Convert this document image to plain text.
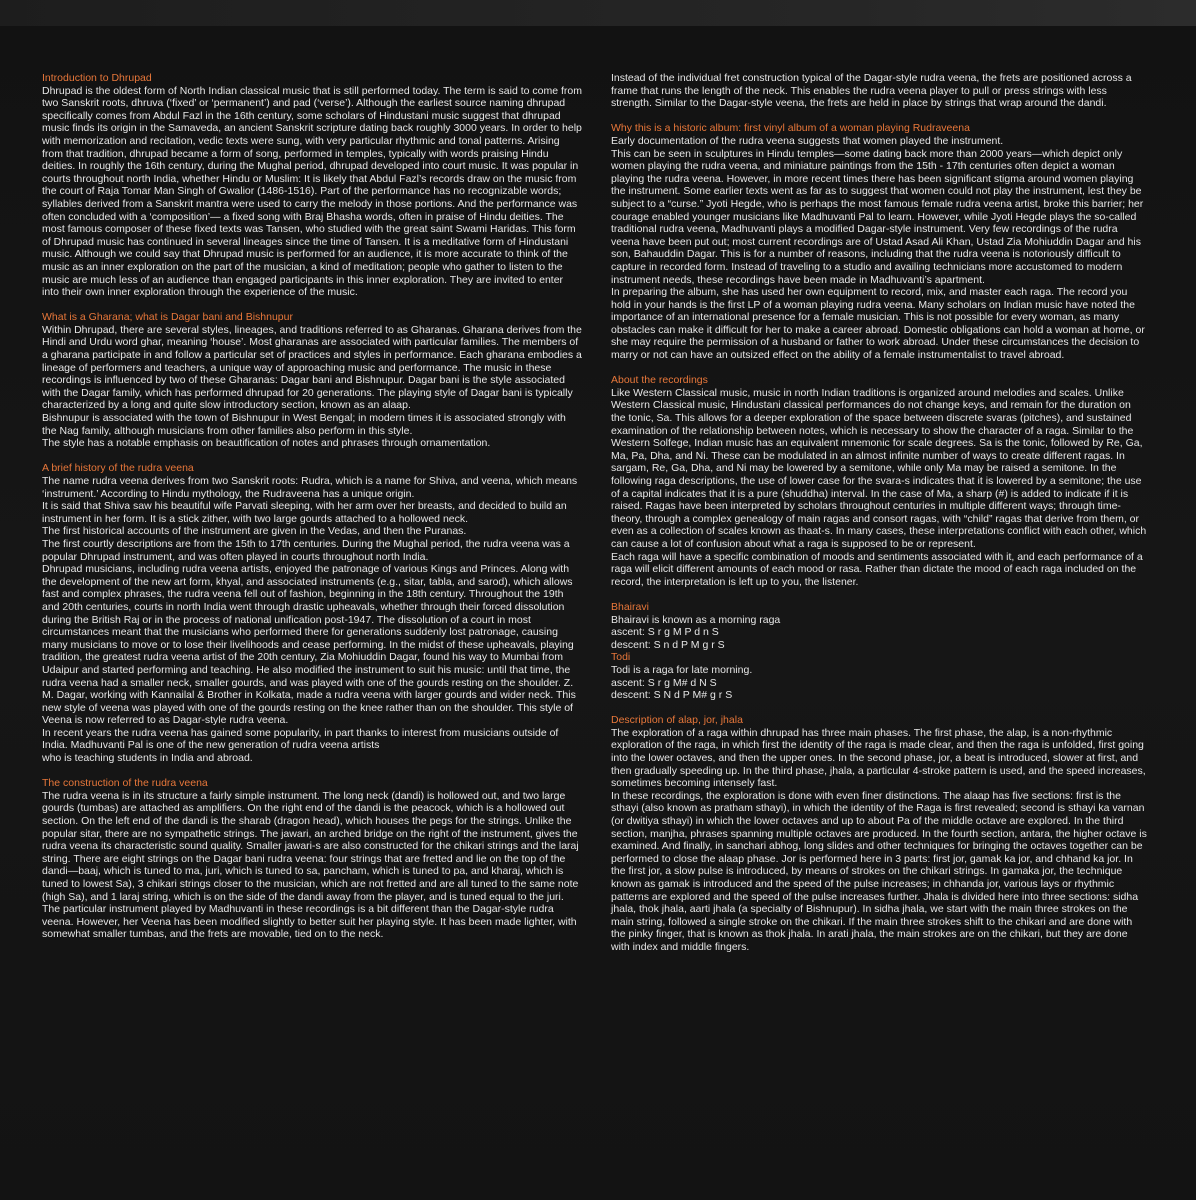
Introduction to Dhrupad

Dhrupad is the oldest form of North Indian classical music that is still performed today. The term is said to come from two Sanskrit roots, dhruva (‘fixed’ or ‘permanent’) and pad (‘verse’). Although the earliest source naming dhrupad specifically comes from Abdul Fazl in the 16th century, some scholars of Hindustani music suggest that dhrupad music finds its origin in the Samaveda, an ancient Sanskrit scripture dating back roughly 3000 years. In order to help with memorization and recitation, vedic texts were sung, with very particular rhythmic and tonal patterns. Arising from that tradition, dhrupad became a form of song, performed in temples, typically with words praising Hindu deities. In roughly the 16th century, during the Mughal period, dhrupad developed into court music. It was popular in courts throughout north India, whether Hindu or Muslim: It is likely that Abdul Fazl’s records draw on the music from the court of Raja Tomar Man Singh of Gwalior (1486-1516). Part of the performance has no recognizable words; syllables derived from a Sanskrit mantra were used to carry the melody in those portions. And the performance was often concluded with a ‘composition’— a fixed song with Braj Bhasha words, often in praise of Hindu deities. The most famous composer of these fixed texts was Tansen, who studied with the great saint Swami Haridas. This form of Dhrupad music has continued in several lineages since the time of Tansen. It is a meditative form of Hindustani music. Although we could say that Dhrupad music is performed for an audience, it is more accurate to think of the music as an inner exploration on the part of the musician, a kind of meditation; people who gather to listen to the music are much less of an audience than engaged participants in this inner exploration. They are invited to enter into their own inner exploration through the experience of the music.

What is a Gharana; what is Dagar bani and Bishnupur

Within Dhrupad, there are several styles, lineages, and traditions referred to as Gharanas. Gharana derives from the Hindi and Urdu word ghar, meaning ‘house’. Most gharanas are associated with particular families. The members of a gharana participate in and follow a particular set of practices and styles in performance. Each gharana embodies a lineage of performers and teachers, a unique way of approaching music and performance. The music in these recordings is influenced by two of these Gharanas: Dagar bani and Bishnupur. Dagar bani is the style associated with the Dagar family, which has performed dhrupad for 20 generations. The playing style of Dagar bani is typically characterized by a long and quite slow introductory section, known as an alaap.

Bishnupur is associated with the town of Bishnupur in West Bengal; in modern times it is associated strongly with the Nag family, although musicians from other families also perform in this style.

The style has a notable emphasis on beautification of notes and phrases through ornamentation.

A brief history of the rudra veena

The name rudra veena derives from two Sanskrit roots: Rudra, which is a name for Shiva, and veena, which means ‘instrument.’ According to Hindu mythology, the Rudraveena has a unique origin.

It is said that Shiva saw his beautiful wife Parvati sleeping, with her arm over her breasts, and decided to build an instrument in her form. It is a stick zither, with two large gourds attached to a hollowed neck.

The first historical accounts of the instrument are given in the Vedas, and then the Puranas.

The first courtly descriptions are from the 15th to 17th centuries. During the Mughal period, the rudra veena was a popular Dhrupad instrument, and was often played in courts throughout north India.

Dhrupad musicians, including rudra veena artists, enjoyed the patronage of various Kings and Princes. Along with the development of the new art form, khyal, and associated instruments (e.g., sitar, tabla, and sarod), which allows fast and complex phrases, the rudra veena fell out of fashion, beginning in the 18th century. Throughout the 19th and 20th centuries, courts in north India went through drastic upheavals, whether through their forced dissolution during the British Raj or in the process of national unification post-1947. The dissolution of a court in most circumstances meant that the musicians who performed there for generations suddenly lost patronage, causing many musicians to move or to lose their livelihoods and cease performing. In the midst of these upheavals, playing tradition, the greatest rudra veena artist of the 20th century, Zia Mohiuddin Dagar, found his way to Mumbai from Udaipur and started performing and teaching. He also modified the instrument to suit his music: until that time, the rudra veena had a smaller neck, smaller gourds, and was played with one of the gourds resting on the shoulder. Z. M. Dagar, working with Kannailal & Brother in Kolkata, made a rudra veena with larger gourds and wider neck. This new style of veena was played with one of the gourds resting on the knee rather than on the shoulder. This style of Veena is now referred to as Dagar-style rudra veena.

In recent years the rudra veena has gained some popularity, in part thanks to interest from musicians outside of India. Madhuvanti Pal is one of the new generation of rudra veena artists

who is teaching students in India and abroad.

The construction of the rudra veena

The rudra veena is in its structure a fairly simple instrument. The long neck (dandi) is hollowed out, and two large gourds (tumbas) are attached as amplifiers. On the right end of the dandi is the peacock, which is a hollowed out section. On the left end of the dandi is the sharab (dragon head), which houses the pegs for the strings. Unlike the popular sitar, there are no sympathetic strings. The jawari, an arched bridge on the right of the instrument, gives the rudra veena its characteristic sound quality. Smaller jawari-s are also constructed for the chikari strings and the laraj string. There are eight strings on the Dagar bani rudra veena: four strings that are fretted and lie on the top of the dandi—baaj, which is tuned to ma, juri, which is tuned to sa, pancham, which is tuned to pa, and kharaj, which is tuned to lowest Sa), 3 chikari strings closer to the musician, which are not fretted and are all tuned to the same note (high Sa), and 1 laraj string, which is on the side of the dandi away from the player, and is tuned equal to the juri. The particular instrument played by Madhuvanti in these recordings is a bit different than the Dagar-style rudra veena. However, her Veena has been modified slightly to better suit her playing style. It has been made lighter, with somewhat smaller tumbas, and the frets are movable, tied on to the neck.

Instead of the individual fret construction typical of the Dagar-style rudra veena, the frets are positioned across a frame that runs the length of the neck. This enables the rudra veena player to pull or press strings with less strength. Similar to the Dagar-style veena, the frets are held in place by strings that wrap around the dandi.

Why this is a historic album: first vinyl album of a woman playing Rudraveena

Early documentation of the rudra veena suggests that women played the instrument.

This can be seen in sculptures in Hindu temples—some dating back more than 2000 years—which depict only women playing the rudra veena, and miniature paintings from the 15th - 17th centuries often depict a woman playing the rudra veena. However, in more recent times there has been significant stigma around women playing the instrument. Some earlier texts went as far as to suggest that women could not play the instrument, lest they be subject to a “curse.” Jyoti Hegde, who is perhaps the most famous female rudra veena artist, broke this barrier; her courage enabled younger musicians like Madhuvanti Pal to learn. However, while Jyoti Hegde plays the so-called traditional rudra veena, Madhuvanti plays a modified Dagar-style instrument. Very few recordings of the rudra veena have been put out; most current recordings are of Ustad Asad Ali Khan, Ustad Zia Mohiuddin Dagar and his son, Bahauddin Dagar. This is for a number of reasons, including that the rudra veena is notoriously difficult to capture in recorded form. Instead of traveling to a studio and availing technicians more accustomed to modern instrument needs, these recordings have been made in Madhuvanti’s apartment.

In preparing the album, she has used her own equipment to record, mix, and master each raga. The record you hold in your hands is the first LP of a woman playing rudra veena. Many scholars on Indian music have noted the importance of an international presence for a female musician. This is not possible for every woman, as many obstacles can make it difficult for her to make a career abroad. Domestic obligations can hold a woman at home, or she may require the permission of a husband or father to work abroad. Under these circumstances the decision to marry or not can have an outsized effect on the ability of a female instrumentalist to travel abroad.

About the recordings

Like Western Classical music, music in north Indian traditions is organized around melodies and scales. Unlike Western Classical music, Hindustani classical performances do not change keys, and remain for the duration on the tonic, Sa. This allows for a deeper exploration of the space between discrete svaras (pitches), and sustained examination of the relationship between notes, which is necessary to show the character of a raga. Similar to the Western Solfege, Indian music has an equivalent mnemonic for scale degrees. Sa is the tonic, followed by Re, Ga, Ma, Pa, Dha, and Ni. These can be modulated in an almost infinite number of ways to create different ragas. In sargam, Re, Ga, Dha, and Ni may be lowered by a semitone, while only Ma may be raised a semitone. In the following raga descriptions, the use of lower case for the svara-s indicates that it is lowered by a semitone; the use of a capital indicates that it is a pure (shuddha) interval. In the case of Ma, a sharp (#) is added to indicate if it is raised. Ragas have been interpreted by scholars throughout centuries in multiple different ways; through time-theory, through a complex genealogy of main ragas and consort ragas, with “child” ragas that derive from them, or even as a collection of scales known as thaat-s. In many cases, these interpretations conflict with each other, which can cause a lot of confusion about what a raga is supposed to be or represent.

Each raga will have a specific combination of moods and sentiments associated with it, and each performance of a raga will elicit different amounts of each mood or rasa. Rather than dictate the mood of each raga included on the record, the interpretation is left up to you, the listener.

Bhairavi

Bhairavi is known as a morning raga

ascent: S r g M P d n S

descent: S n d P M g r S

Todi

Todi is a raga for late morning.

ascent: S r g M# d N S

descent: S N d P M# g r S

Description of alap, jor, jhala

The exploration of a raga within dhrupad has three main phases. The first phase, the alap, is a non-rhythmic exploration of the raga, in which first the identity of the raga is made clear, and then the raga is unfolded, first going into the lower octaves, and then the upper ones. In the second phase, jor, a beat is introduced, slower at first, and then gradually speeding up. In the third phase, jhala, a particular 4-stroke pattern is used, and the speed increases, sometimes becoming intensely fast.

In these recordings, the exploration is done with even finer distinctions. The alaap has five sections: first is the sthayi (also known as pratham sthayi), in which the identity of the Raga is first revealed; second is sthayi ka varnan (or dwitiya sthayi) in which the lower octaves and up to about Pa of the middle octave are explored. In the third section, manjha, phrases spanning multiple octaves are produced. In the fourth section, antara, the higher octave is examined. And finally, in sanchari abhog, long slides and other techniques for bringing the octaves together can be performed to close the alaap phase. Jor is performed here in 3 parts: first jor, gamak ka jor, and chhand ka jor. In the first jor, a slow pulse is introduced, by means of strokes on the chikari strings. In gamaka jor, the technique known as gamak is introduced and the speed of the pulse increases; in chhanda jor, various lays or rhythmic patterns are explored and the speed of the pulse increases further. Jhala is divided here into three sections: sidha jhala, thok jhala, aarti jhala (a specialty of Bishnupur). In sidha jhala, we start with the main three strokes on the main string, followed a single stroke on the chikari. If the main three strokes shift to the chikari and are done with the pinky finger, that is known as thok jhala. In arati jhala, the main strokes are on the chikari, but they are done with index and middle fingers.
